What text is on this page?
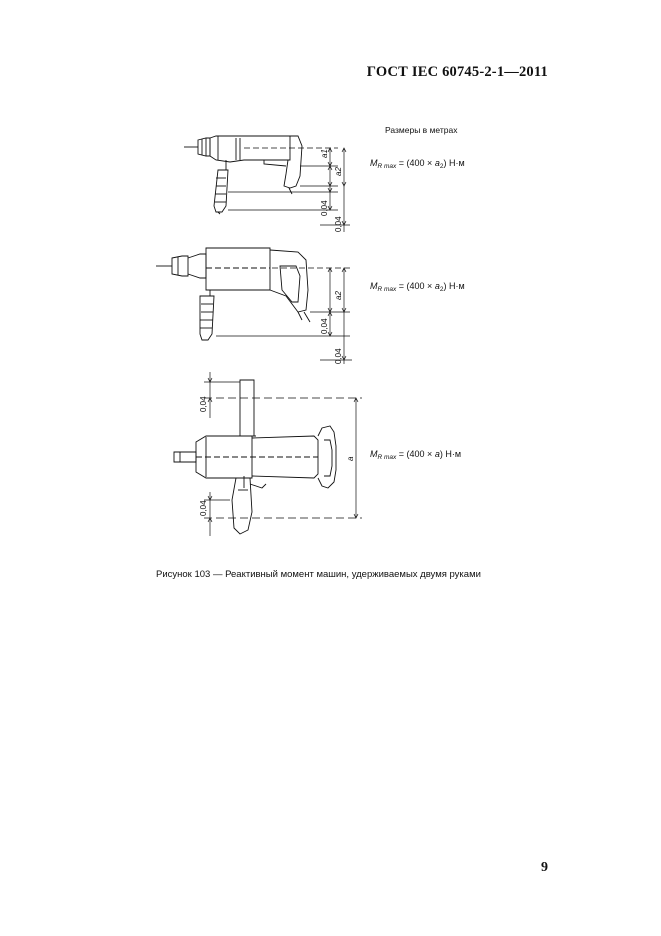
ГОСТ IEC 60745-2-1—2011
Размеры в метрах
$M_{R max} = (400 \times a_2)$ Н·м
$M_{R max} = (400 \times a_2)$ Н·м
$M_{R max} = (400 \times a)$ Н·м
a1
a2
0,04
0,04
a2
0,04
0,04
0,04
0,04
a
Рисунок 103 — Реактивный момент машин, удерживаемых двумя руками
9
